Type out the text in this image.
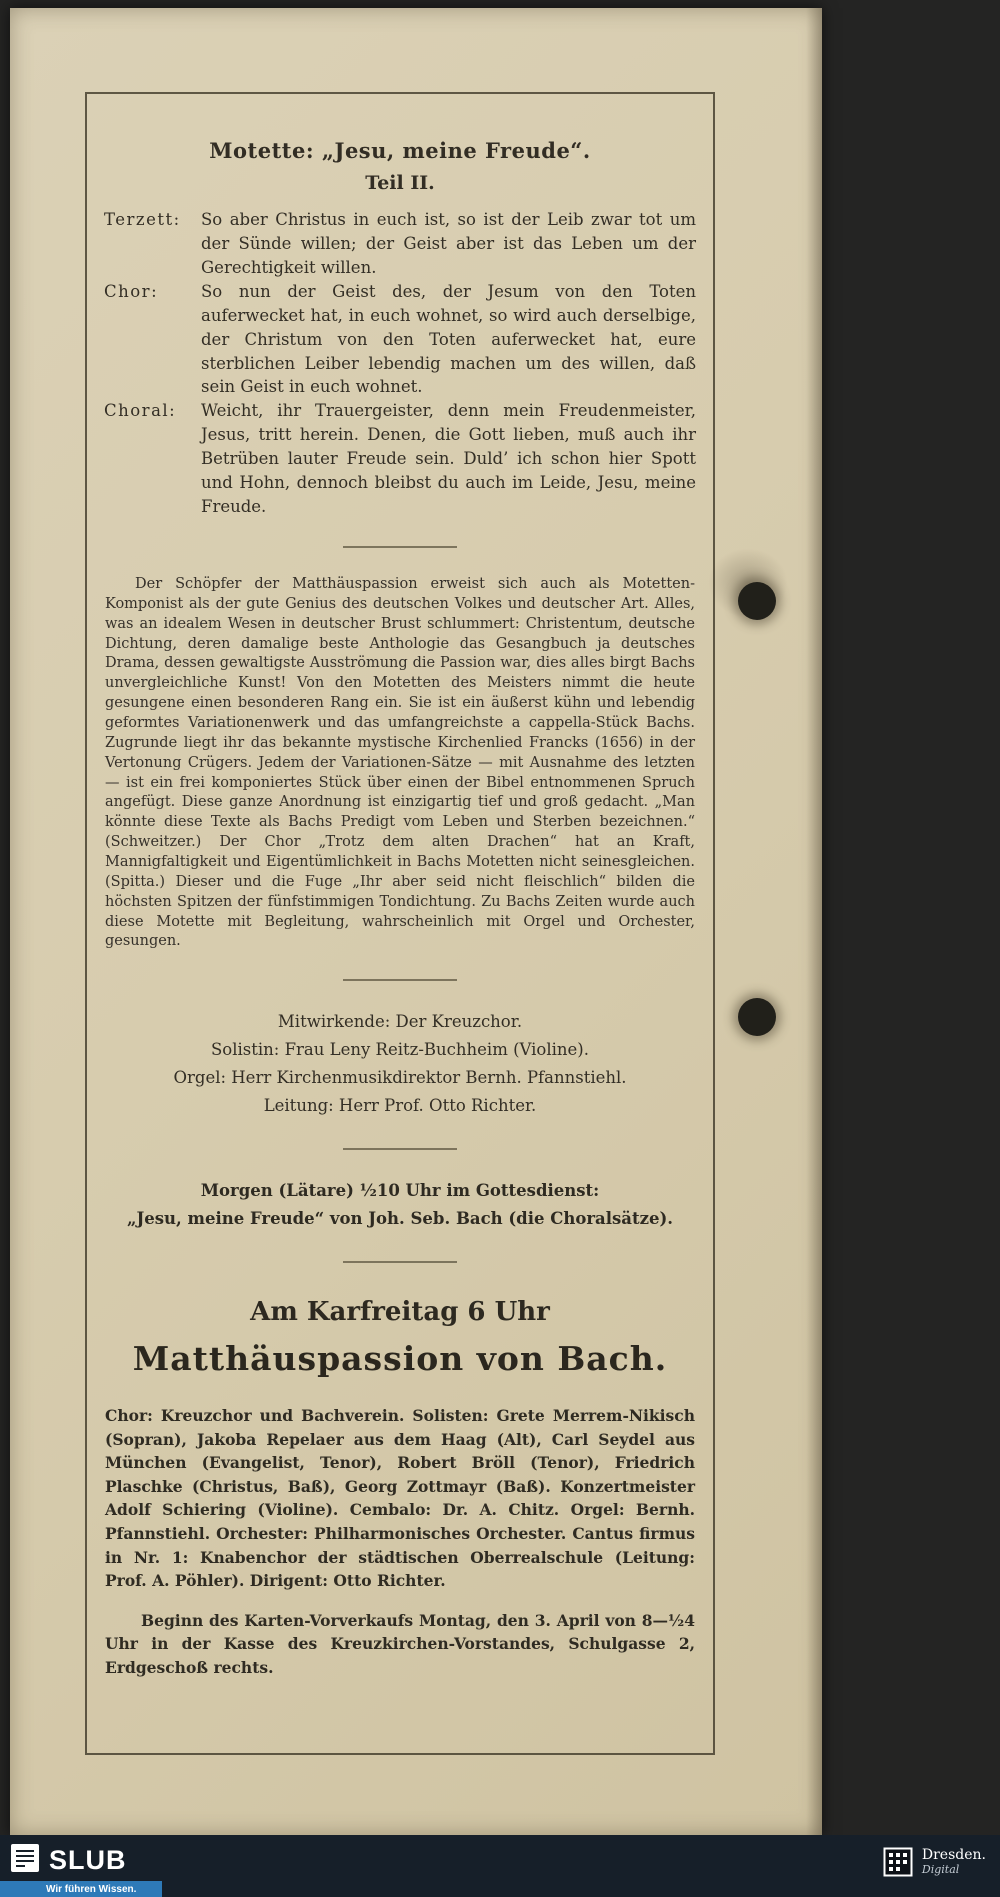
Motette: „Jesu, meine Freude“.
Teil II.
Terzett:	So aber Christus in euch ist, so ist der Leib zwar tot um der Sünde willen; der Geist aber ist das Leben um der Gerechtigkeit willen.
Chor:	So nun der Geist des, der Jesum von den Toten auferwecket hat, in euch wohnet, so wird auch derselbige, der Christum von den Toten auferwecket hat, eure sterblichen Leiber lebendig machen um des willen, daß sein Geist in euch wohnet.
Choral:	Weicht, ihr Trauergeister, denn mein Freudenmeister, Jesus, tritt herein. Denen, die Gott lieben, muß auch ihr Betrüben lauter Freude sein. Duld’ ich schon hier Spott und Hohn, dennoch bleibst du auch im Leide, Jesu, meine Freude.

Der Schöpfer der Matthäuspassion erweist sich auch als Motetten-Komponist als der gute Genius des deutschen Volkes und deutscher Art. Alles, was an idealem Wesen in deutscher Brust schlummert: Christentum, deutsche Dichtung, deren damalige beste Anthologie das Gesangbuch ja deutsches Drama, dessen gewaltigste Ausströmung die Passion war, dies alles birgt Bachs unvergleichliche Kunst! Von den Motetten des Meisters nimmt die heute gesungene einen besonderen Rang ein. Sie ist ein äußerst kühn und lebendig geformtes Variationenwerk und das umfangreichste a cappella-Stück Bachs. Zugrunde liegt ihr das bekannte mystische Kirchenlied Francks (1656) in der Vertonung Crügers. Jedem der Variationen-Sätze — mit Ausnahme des letzten — ist ein frei komponiertes Stück über einen der Bibel entnommenen Spruch angefügt. Diese ganze Anordnung ist einzigartig tief und groß gedacht. „Man könnte diese Texte als Bachs Predigt vom Leben und Sterben bezeichnen.“ (Schweitzer.) Der Chor „Trotz dem alten Drachen“ hat an Kraft, Mannigfaltigkeit und Eigentümlichkeit in Bachs Motetten nicht seinesgleichen. (Spitta.) Dieser und die Fuge „Ihr aber seid nicht fleischlich“ bilden die höchsten Spitzen der fünfstimmigen Tondichtung. Zu Bachs Zeiten wurde auch diese Motette mit Begleitung, wahrscheinlich mit Orgel und Orchester, gesungen.

Mitwirkende: Der Kreuzchor.

Solistin: Frau Leny Reitz-Buchheim (Violine).

Orgel: Herr Kirchenmusikdirektor Bernh. Pfannstiehl.

Leitung: Herr Prof. Otto Richter.

Morgen (Lätare) ½10 Uhr im Gottesdienst:

„Jesu, meine Freude“ von Joh. Seb. Bach (die Choralsätze).

Am Karfreitag 6 Uhr
Matthäuspassion von Bach.

Chor: Kreuzchor und Bachverein. Solisten: Grete Merrem-Nikisch (Sopran), Jakoba Repelaer aus dem Haag (Alt), Carl Seydel aus München (Evangelist, Tenor), Robert Bröll (Tenor), Friedrich Plaschke (Christus, Baß), Georg Zottmayr (Baß). Konzertmeister Adolf Schiering (Violine). Cembalo: Dr. A. Chitz. Orgel: Bernh. Pfannstiehl. Orchester: Philharmonisches Orchester. Cantus firmus in Nr. 1: Knabenchor der städtischen Oberrealschule (Leitung: Prof. A. Pöhler). Dirigent: Otto Richter.

Beginn des Karten-Vorverkaufs Montag, den 3. April von 8—½4 Uhr in der Kasse des Kreuzkirchen-Vorstandes, Schulgasse 2, Erdgeschoß rechts.

SLUB
Wir führen Wissen.
Dresden.
Digital
